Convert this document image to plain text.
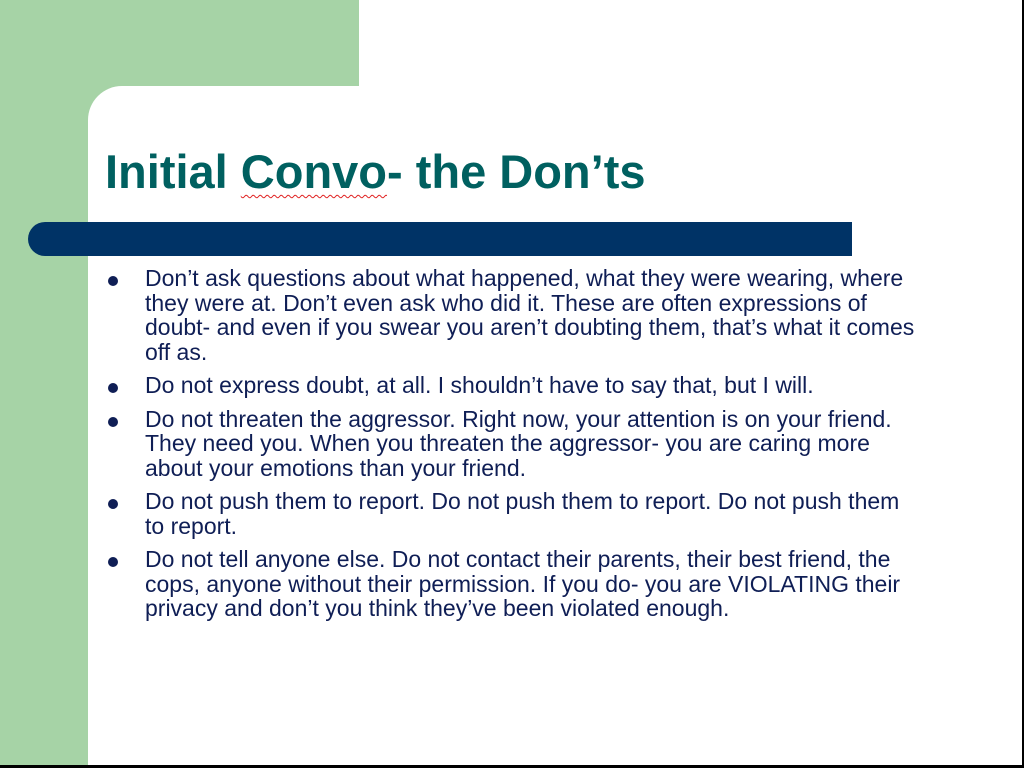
Initial Convo- the Don’ts
Don’t ask questions about what happened, what they were wearing, where they were at. Don’t even ask who did it. These are often expressions of doubt- and even if you swear you aren’t doubting them, that’s what it comes off as.
Do not express doubt, at all. I shouldn’t have to say that, but I will.
Do not threaten the aggressor. Right now, your attention is on your friend. They need you. When you threaten the aggressor- you are caring more about your emotions than your friend.
Do not push them to report. Do not push them to report. Do not push them to report.
Do not tell anyone else. Do not contact their parents, their best friend, the cops, anyone without their permission. If you do- you are VIOLATING their privacy and don’t you think they’ve been violated enough.
